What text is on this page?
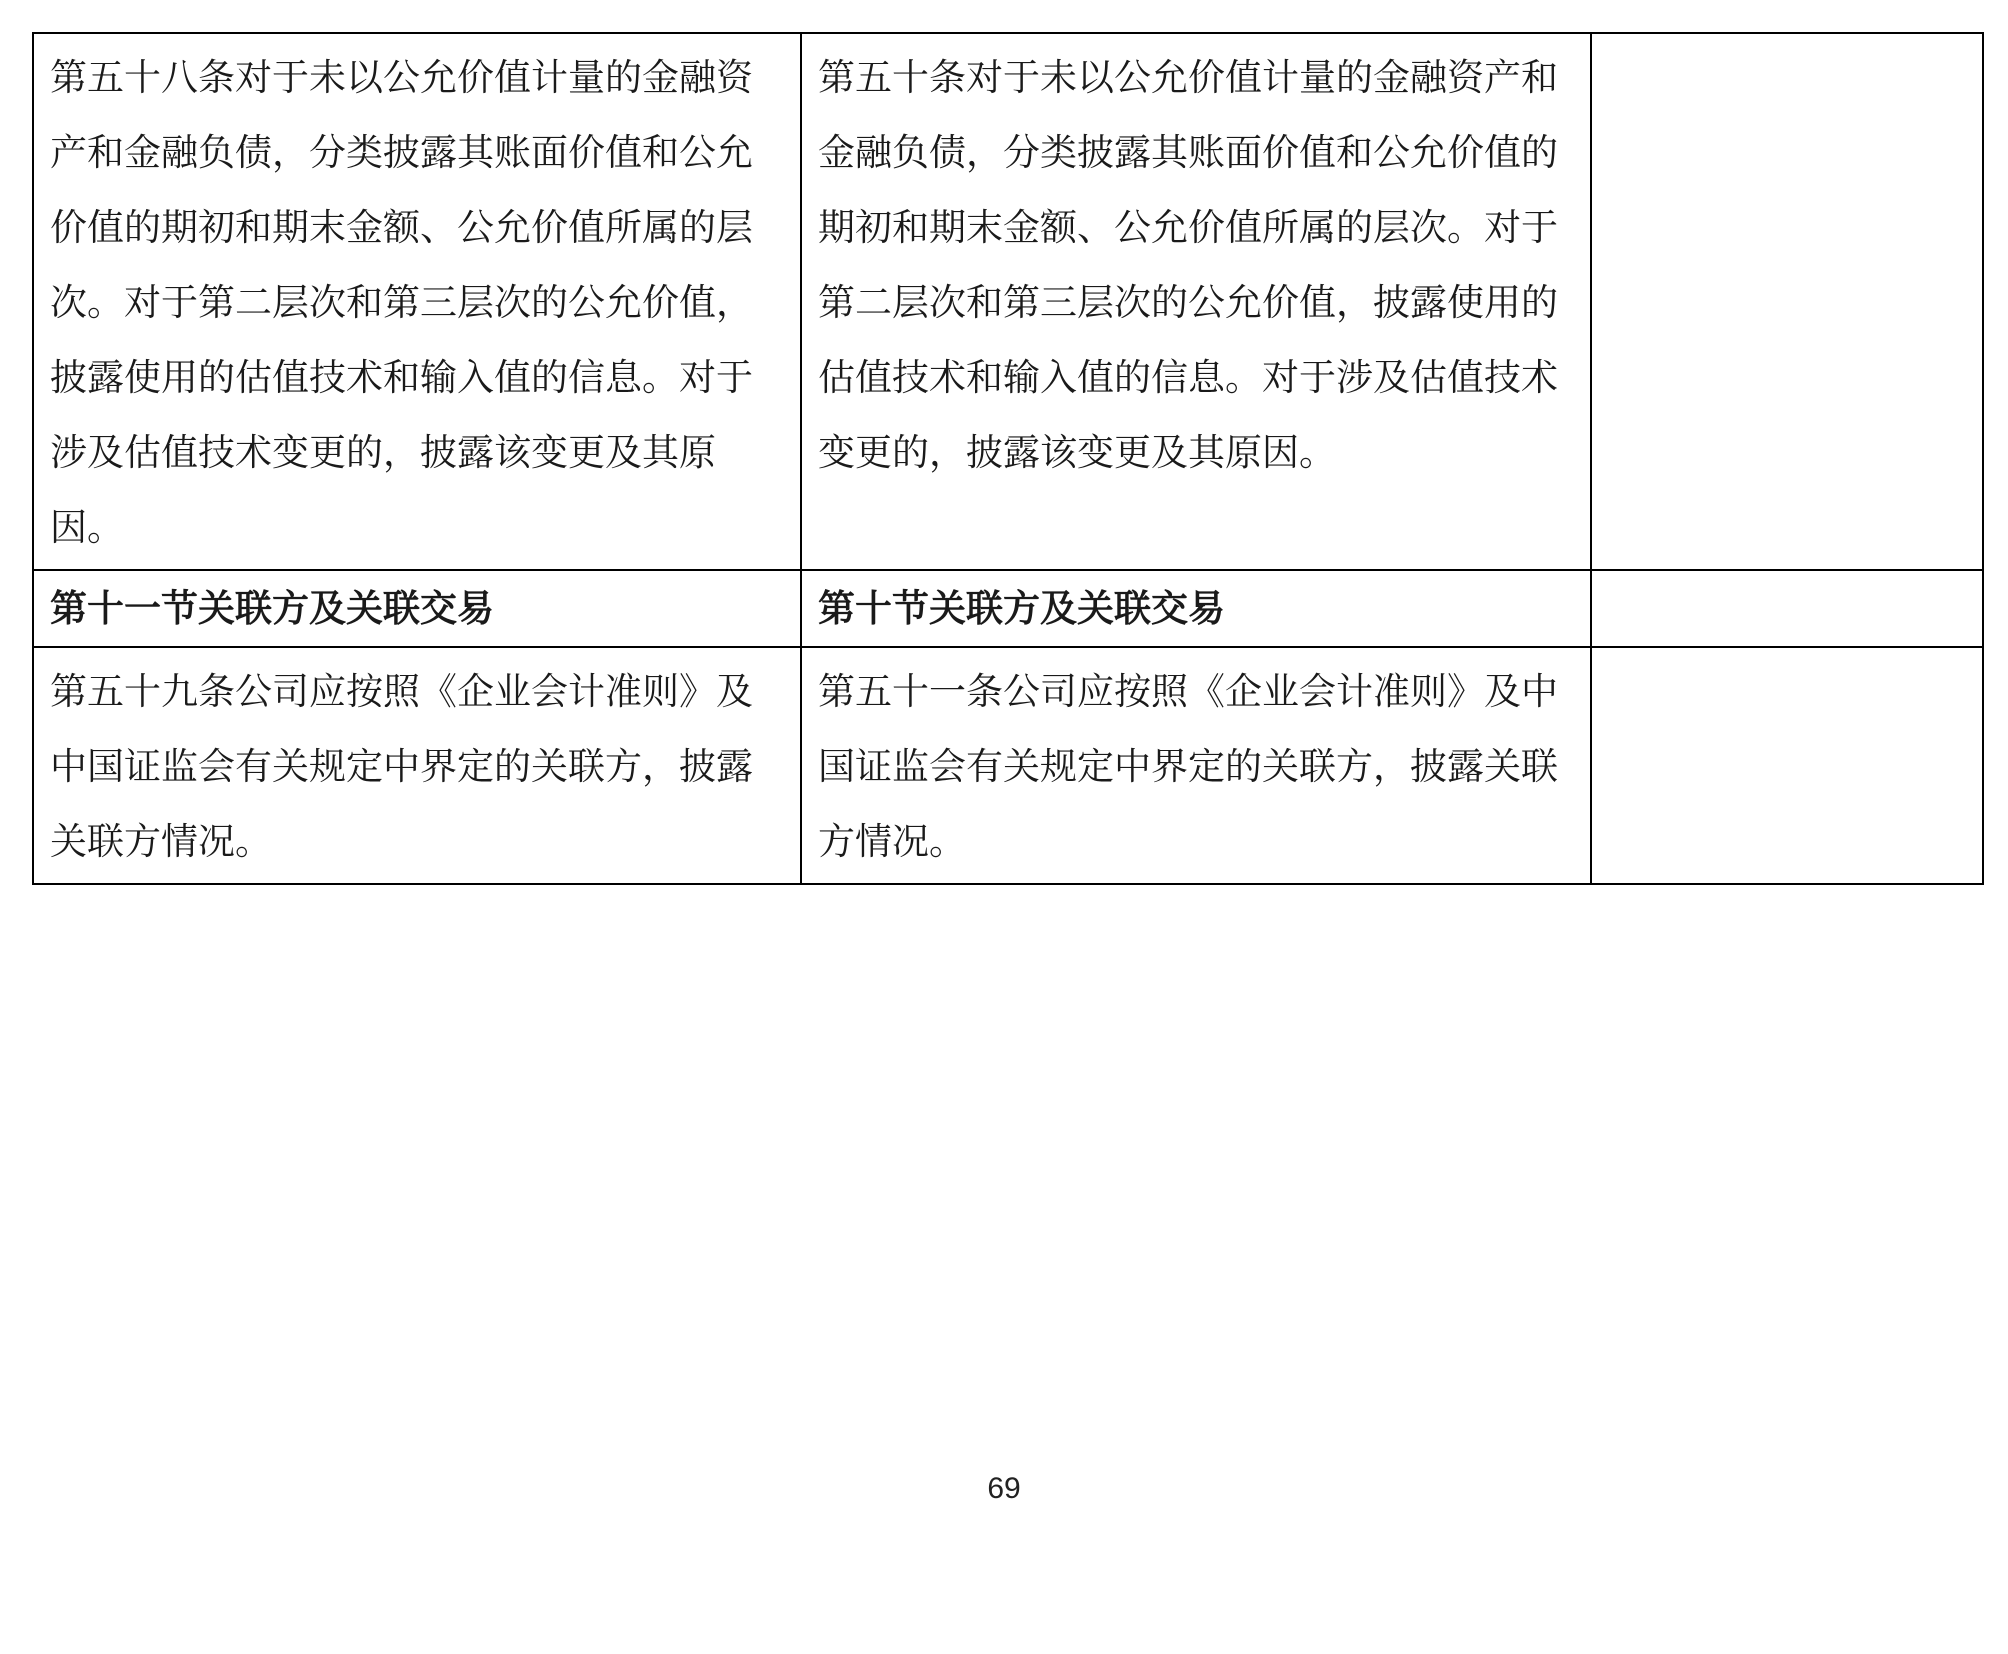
第五十八条对于未以公允价值计量的金融资产和金融负债，分类披露其账面价值和公允价值的期初和期末金额、公允价值所属的层次。对于第二层次和第三层次的公允价值，披露使用的估值技术和输入值的信息。对于涉及估值技术变更的，披露该变更及其原因。	第五十条对于未以公允价值计量的金融资产和金融负债，分类披露其账面价值和公允价值的期初和期末金额、公允价值所属的层次。对于第二层次和第三层次的公允价值，披露使用的估值技术和输入值的信息。对于涉及估值技术变更的，披露该变更及其原因。	
第十一节关联方及关联交易	第十节关联方及关联交易	
第五十九条公司应按照《企业会计准则》及中国证监会有关规定中界定的关联方，披露关联方情况。	第五十一条公司应按照《企业会计准则》及中国证监会有关规定中界定的关联方，披露关联方情况。	
69
